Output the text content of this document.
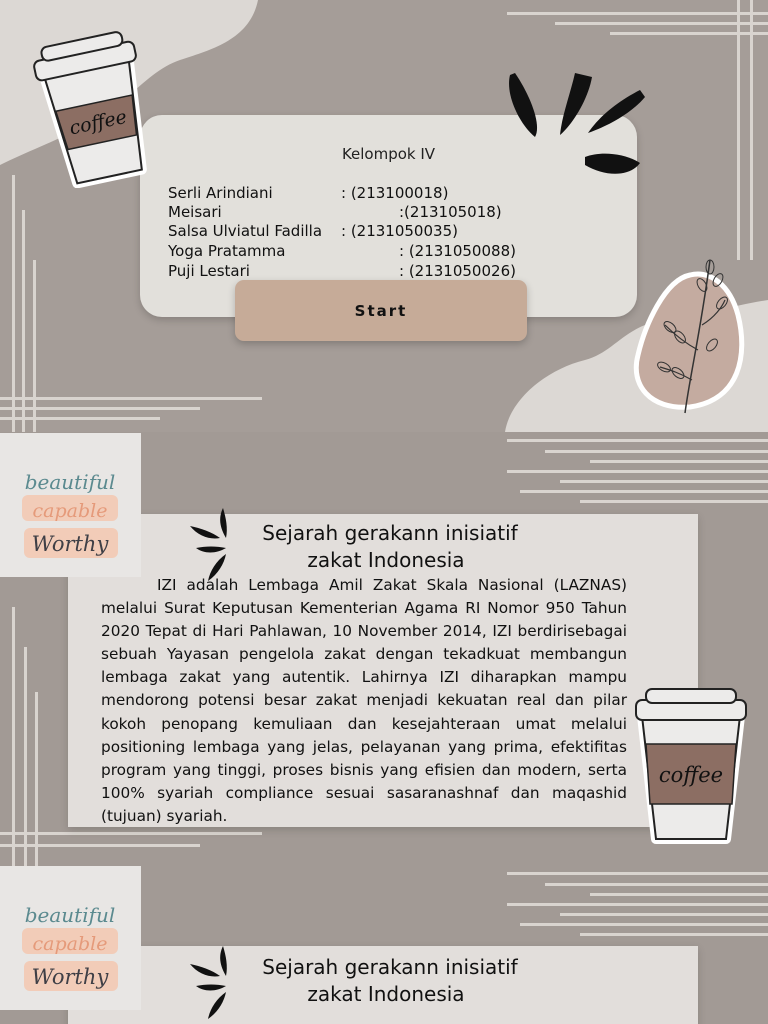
Kelompok IV
Serli Arindiani	: (213100018)
Meisari	:(213105018)
Salsa Ulviatul Fadilla : (2131050035)
Yoga Pratamma	: (2131050088)
Puji Lestari	: (2131050026)
Start
coffee
beautiful
capable
Worthy	Sejarah gerakann inisiatif
zakat Indonesia
IZI adalah Lembaga Amil Zakat Skala Nasional (LAZNAS) melalui Surat Keputusan Kementerian Agama RI Nomor 950 Tahun 2020 Tepat di Hari Pahlawan, 10 November 2014, IZI berdirisebagai sebuah Yayasan pengelola zakat dengan tekadkuat membangun lembaga zakat yang autentik. Lahirnya IZI diharapkan mampu mendorong potensi besar zakat menjadi kekuatan real dan pilar kokoh penopang kemuliaan dan kesejahteraan umat melalui positioning lembaga yang jelas, pelayanan yang prima, efektifitas program yang tinggi, proses bisnis yang efisien dan modern, serta 100% syariah compliance sesuai sasaranashnaf dan maqashid (tujuan) syariah.
coffee
beautiful
capable
Worthy	Sejarah gerakann inisiatif
zakat Indonesia
